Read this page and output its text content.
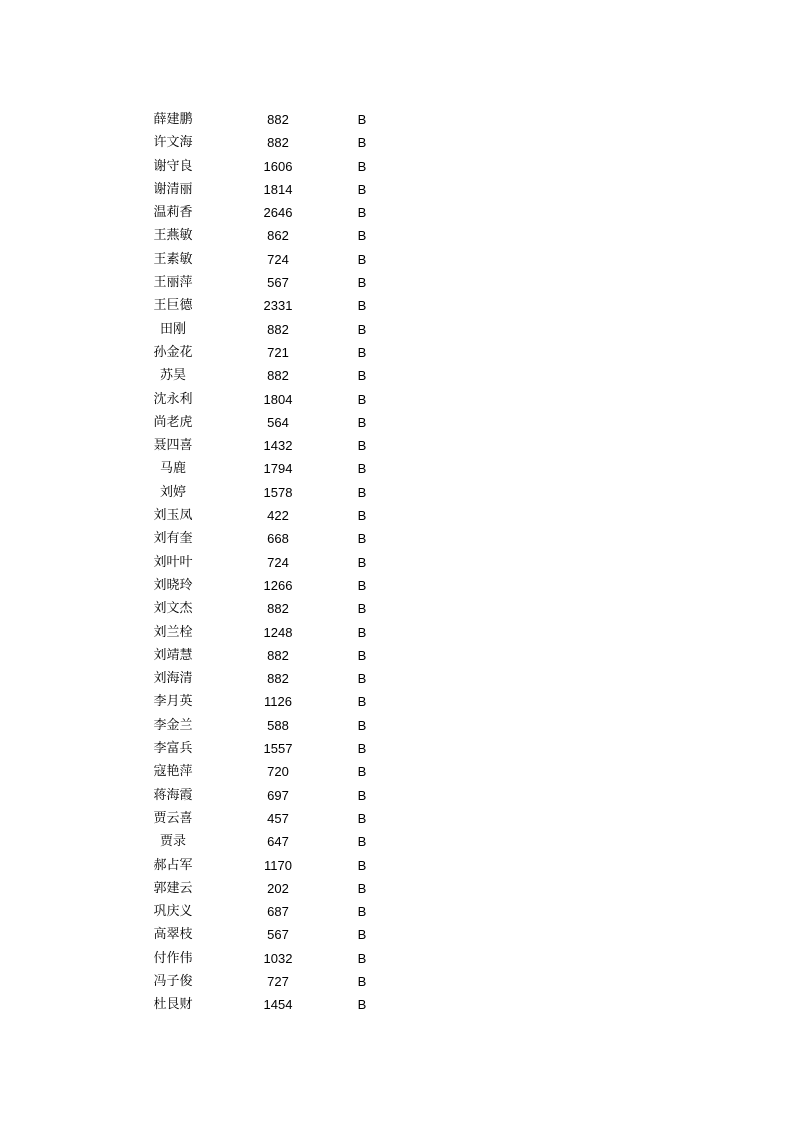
薛建鹏	882	B
许文海	882	B
谢守良	1606	B
谢清丽	1814	B
温莉香	2646	B
王燕敏	862	B
王素敏	724	B
王丽萍	567	B
王巨德	2331	B
田刚	882	B
孙金花	721	B
苏昊	882	B
沈永利	1804	B
尚老虎	564	B
聂四喜	1432	B
马鹿	1794	B
刘婷	1578	B
刘玉凤	422	B
刘有奎	668	B
刘叶叶	724	B
刘晓玲	1266	B
刘文杰	882	B
刘兰栓	1248	B
刘靖慧	882	B
刘海清	882	B
李月英	1126	B
李金兰	588	B
李富兵	1557	B
寇艳萍	720	B
蒋海霞	697	B
贾云喜	457	B
贾录	647	B
郝占军	1170	B
郭建云	202	B
巩庆义	687	B
高翠枝	567	B
付作伟	1032	B
冯子俊	727	B
杜艮财	1454	B
